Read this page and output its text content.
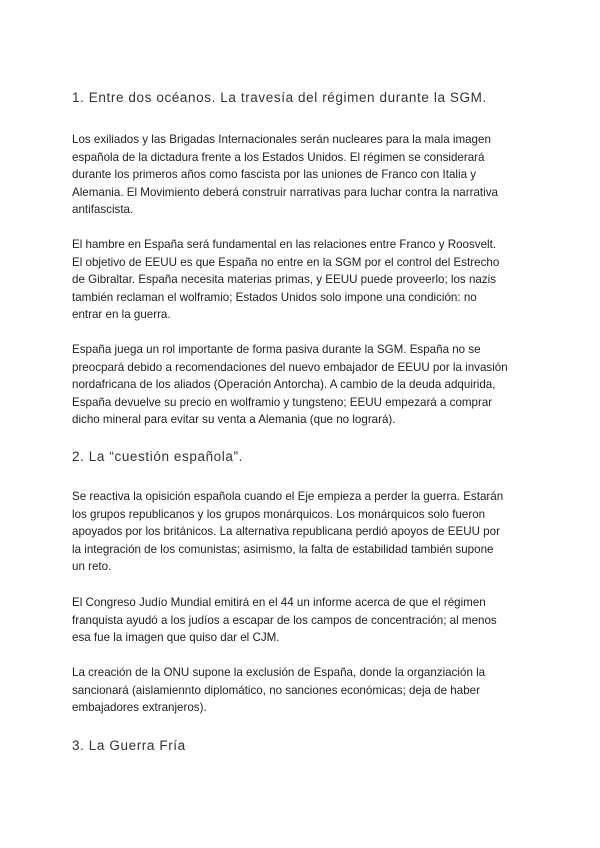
1. Entre dos océanos. La travesía del régimen durante la SGM.

Los exiliados y las Brigadas Internacionales serán nucleares para la mala imagen
española de la dictadura frente a los Estados Unidos. El régimen se considerará
durante los primeros años como fascista por las uniones de Franco con Italia y
Alemania. El Movimiento deberá construir narrativas para luchar contra la narrativa
antifascista.

El hambre en España será fundamental en las relaciones entre Franco y Roosvelt.
El objetivo de EEUU es que España no entre en la SGM por el control del Estrecho
de Gibraltar. España necesita materias primas, y EEUU puede proveerlo; los nazis
también reclaman el wolframio; Estados Unidos solo impone una condición: no
entrar en la guerra.

España juega un rol importante de forma pasiva durante la SGM. España no se
preocpará debido a recomendaciones del nuevo embajador de EEUU por la invasión
nordafricana de los aliados (Operación Antorcha). A cambio de la deuda adquirida,
España devuelve su precio en wolframio y tungsteno; EEUU empezará a comprar
dicho mineral para evitar su venta a Alemania (que no logrará).

2. La “cuestión española”.

Se reactiva la opisición española cuando el Eje empieza a perder la guerra. Estarán
los grupos republicanos y los grupos monárquicos. Los monárquicos solo fueron
apoyados por los británicos. La alternativa republicana perdió apoyos de EEUU por
la integración de los comunistas; asimismo, la falta de estabilidad también supone
un reto.

El Congreso Judío Mundial emitirá en el 44 un informe acerca de que el régimen
franquista ayudó a los judíos a escapar de los campos de concentración; al menos
esa fue la imagen que quiso dar el CJM.

La creación de la ONU supone la exclusión de España, donde la organziación la
sancionará (aislamiennto diplomático, no sanciones económicas; deja de haber
embajadores extranjeros).

3. La Guerra Fría
